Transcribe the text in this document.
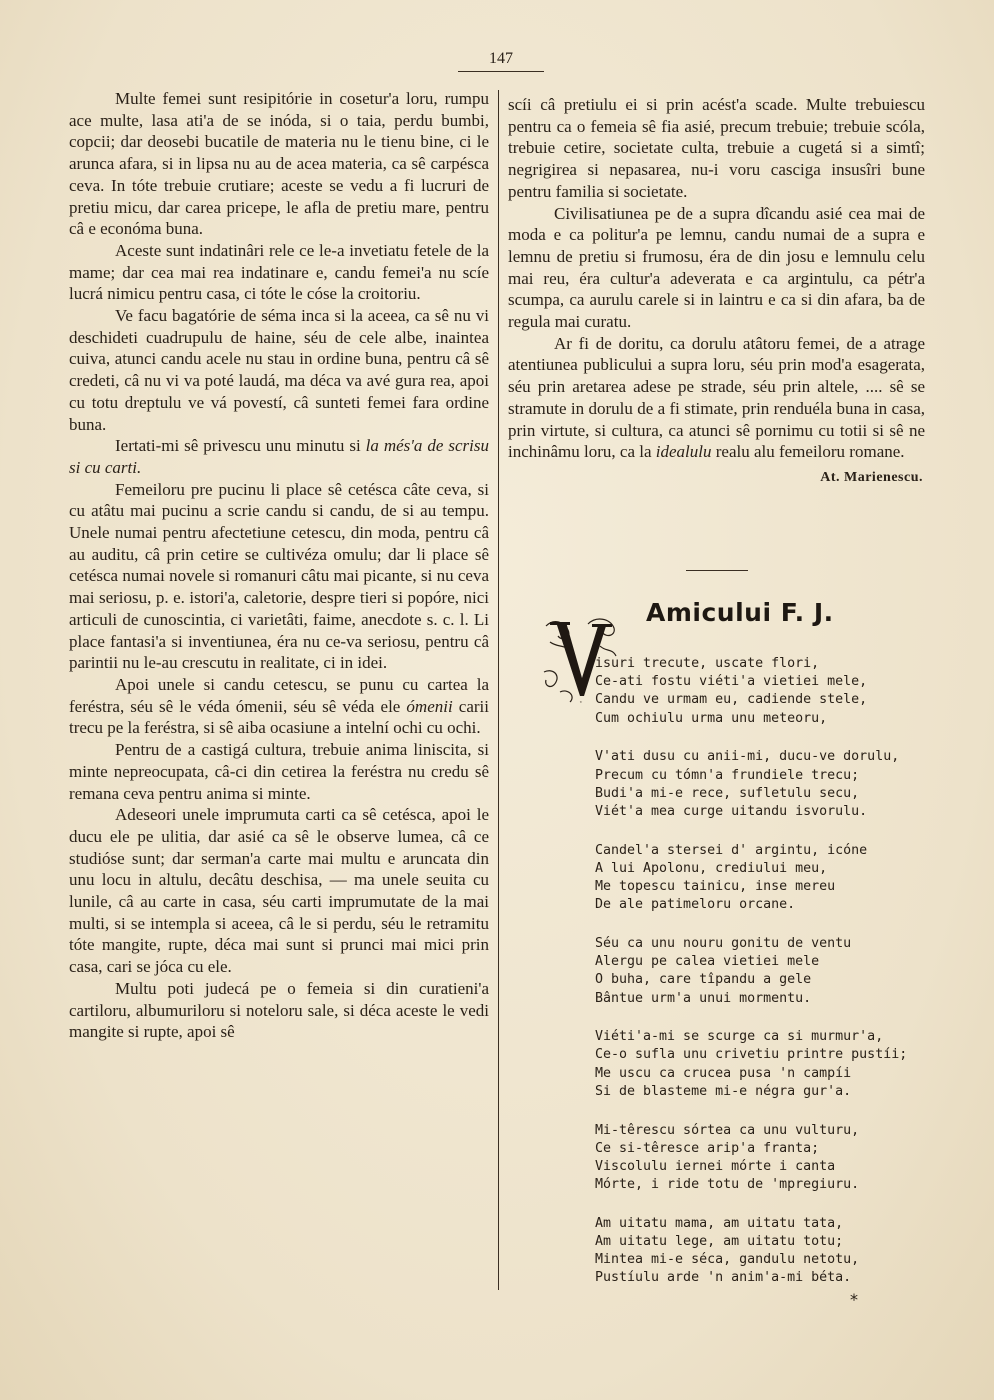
147

Multe femei sunt resipitórie in cosetur'a loru, rumpu ace multe, lasa ati'a de se inóda, si o taia, perdu bumbi, copcii; dar deosebi bucatile de materia nu le tienu bine, ci le arunca afara, si in lipsa nu au de acea materia, ca sê carpésca ceva. In tóte trebuie crutiare; aceste se vedu a fi lucruri de pretiu micu, dar carea pricepe, le afla de pretiu mare, pentru câ e económa buna.

Aceste sunt indatinâri rele ce le-a invetiatu fetele de la mame; dar cea mai rea indatinare e, candu femei'a nu scíe lucrá nimicu pentru casa, ci tóte le cóse la croitoriu.

Ve facu bagatórie de séma inca si la aceea, ca sê nu vi deschideti cuadrupulu de haine, séu de cele albe, inaintea cuiva, atunci candu acele nu stau in ordine buna, pentru câ sê credeti, câ nu vi va poté laudá, ma déca va avé gura rea, apoi cu totu dreptulu ve vá povestí, câ sunteti femei fara ordine buna.

Iertati-mi sê privescu unu minutu si la més'a de scrisu si cu carti.

Femeiloru pre pucinu li place sê cetésca câte ceva, si cu atâtu mai pucinu a scrie candu si candu, de si au tempu. Unele numai pentru afectetiune cetescu, din moda, pentru câ au auditu, câ prin cetire se cultivéza omulu; dar li place sê cetésca numai novele si romanuri câtu mai picante, si nu ceva mai seriosu, p. e. istori'a, caletorie, despre tieri si popóre, nici articuli de cunoscintia, ci varietâti, faime, anecdote s. c. l. Li place fantasi'a si inventiunea, éra nu ce-va seriosu, pentru câ parintii nu le-au crescutu in realitate, ci in idei.

Apoi unele si candu cetescu, se punu cu cartea la feréstra, séu sê le véda ómenii, séu sê véda ele ómenii carii trecu pe la feréstra, si sê aiba ocasiune a intelní ochi cu ochi.

Pentru de a castigá cultura, trebuie anima liniscita, si minte nepreocupata, câ-ci din cetirea la feréstra nu credu sê remana ceva pentru anima si minte.

Adeseori unele imprumuta carti ca sê cetésca, apoi le ducu ele pe ulitia, dar asié ca sê le observe lumea, câ ce studióse sunt; dar serman'a carte mai multu e aruncata din unu locu in altulu, decâtu deschisa, — ma unele seuita cu lunile, câ au carte in casa, séu carti imprumutate de la mai multi, si se intempla si aceea, câ le si perdu, séu le retramitu tóte mangite, rupte, déca mai sunt si prunci mai mici prin casa, cari se jóca cu ele.

Multu poti judecá pe o femeia si din curatieni'a cartiloru, albumuriloru si noteloru sale, si déca aceste le vedi mangite si rupte, apoi sê

scíi câ pretiulu ei si prin acést'a scade. Multe trebuiescu pentru ca o femeia sê fia asié, precum trebuie; trebuie scóla, trebuie cetire, societate culta, trebuie a cugetá si a simtî; negrigirea si nepasarea, nu-i voru casciga insusîri bune pentru familia si societate.

Civilisatiunea pe de a supra dîcandu asié cea mai de moda e ca politur'a pe lemnu, candu numai de a supra e lemnu de pretiu si frumosu, éra de din josu e lemnulu celu mai reu, éra cultur'a adeverata e ca argintulu, ca pétr'a scumpa, ca aurulu carele si in laintru e ca si din afara, ba de regula mai curatu.

Ar fi de doritu, ca dorulu atâtoru femei, de a atrage atentiunea publicului a supra loru, séu prin mod'a esagerata, séu prin aretarea adese pe strade, séu prin altele, .... sê se stramute in dorulu de a fi stimate, prin renduéla buna in casa, prin virtute, si cultura, ca atunci sê pornimu cu totii si sê ne inchinâmu loru, ca la idealulu realu alu femeiloru romane.

At. Marienescu.
Amicului F. J.
V
isuri trecute, uscate flori,
Ce-ati fostu viéti'a vietiei mele,
Candu ve urmam eu, cadiende stele,
Cum ochiulu urma unu meteoru,
V'ati dusu cu anii-mi, ducu-ve dorulu,
Precum cu tómn'a frundiele trecu;
Budi'a mi-e rece, sufletulu secu,
Viét'a mea curge uitandu isvorulu.
Candel'a stersei d' argintu, icóne
A lui Apolonu, crediului meu,
Me topescu tainicu, inse mereu
De ale patimeloru orcane.
Séu ca unu nouru gonitu de ventu
Alergu pe calea vietiei mele
O buha, care tîpandu a gele
Bântue urm'a unui mormentu.
Viéti'a-mi se scurge ca si murmur'a,
Ce-o sufla unu crivetiu printre pustíi;
Me uscu ca crucea pusa 'n campíi
Si de blasteme mi-e négra gur'a.
Mi-têrescu sórtea ca unu vulturu,
Ce si-têresce arip'a franta;
Viscolulu iernei mórte i canta
Mórte, i ride totu de 'mpregiuru.
Am uitatu mama, am uitatu tata,
Am uitatu lege, am uitatu totu;
Mintea mi-e séca, gandulu netotu,
Pustíulu arde 'n anim'a-mi béta.
*
